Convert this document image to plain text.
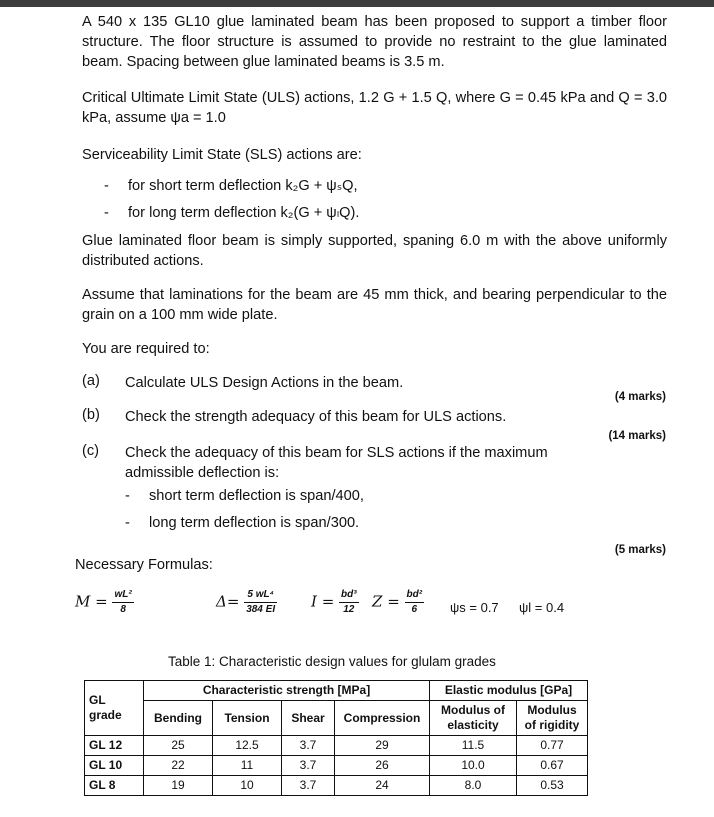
A 540 x 135 GL10 glue laminated beam has been proposed to support a timber floor structure. The floor structure is assumed to provide no restraint to the glue laminated beam. Spacing between glue laminated beams is 3.5 m.
Critical Ultimate Limit State (ULS) actions, 1.2 G + 1.5 Q, where G = 0.45 kPa and Q = 3.0 kPa, assume ψa = 1.0
Serviceability Limit State (SLS) actions are:
- for short term deflection k₂G + ψₛQ,
- for long term deflection k₂(G + ψₗQ).
Glue laminated floor beam is simply supported, spaning 6.0 m with the above uniformly distributed actions.
Assume that laminations for the beam are 45 mm thick, and bearing perpendicular to the grain on a 100 mm wide plate.
You are required to:
(a) Calculate ULS Design Actions in the beam.
(4 marks)
(b) Check the strength adequacy of this beam for ULS actions.
(14 marks)
(c) Check the adequacy of this beam for SLS actions if the maximum admissible deflection is:
- short term deflection is span/400,
- long term deflection is span/300.
(5 marks)
Necessary Formulas:
$M = \frac{\text{wL²}}{8}$	$\Delta= \frac{\text{5 wL⁴}}{384 EI}$ $I = \frac{\text{bd³}}{12}$ $Z = \frac{\text{bd²}}{6}$ ψs = 0.7 ψl = 0.4
Table 1: Characteristic design values for glulam grades
GL grade	Characteristic strength [MPa]				Elastic modulus [GPa]	
	Bending	Tension	Shear	Compression	Modulus of elasticity	Modulus of rigidity
GL 12	25	12.5	3.7	29	11.5	0.77
GL 10	22	11	3.7	26	10.0	0.67
GL 8	19	10	3.7	24	8.0	0.53
